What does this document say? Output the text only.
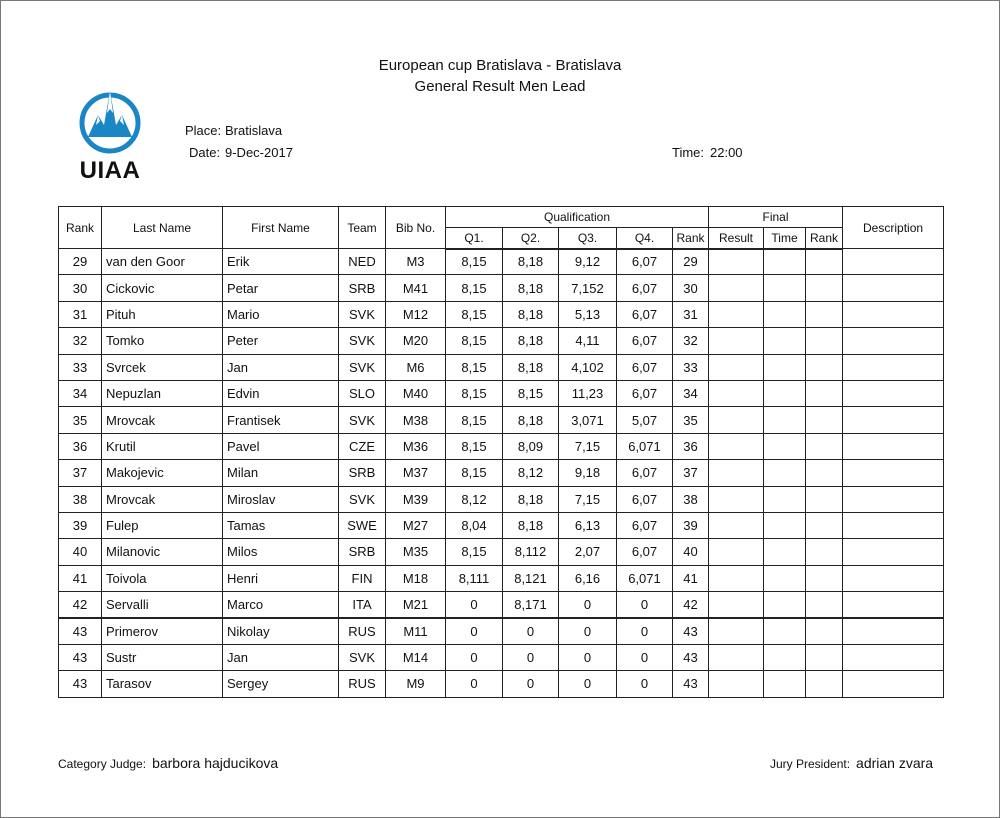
European cup Bratislava - Bratislava
General Result Men Lead
UIAA
Place: Bratislava
Date: 9-Dec-2017	Time: 22:00
Rank	Last Name	First Name	Team	Bib No.	Qualification					Final			Description
					Q1.	Q2.	Q3.	Q4.	Rank	Result	Time	Rank	
29	van den Goor	Erik	NED	M3	8,15	8,18	9,12	6,07	29				
30	Cickovic	Petar	SRB	M41	8,15	8,18	7,152	6,07	30				
31	Pituh	Mario	SVK	M12	8,15	8,18	5,13	6,07	31				
32	Tomko	Peter	SVK	M20	8,15	8,18	4,11	6,07	32				
33	Svrcek	Jan	SVK	M6	8,15	8,18	4,102	6,07	33				
34	Nepuzlan	Edvin	SLO	M40	8,15	8,15	11,23	6,07	34				
35	Mrovcak	Frantisek	SVK	M38	8,15	8,18	3,071	5,07	35				
36	Krutil	Pavel	CZE	M36	8,15	8,09	7,15	6,071	36				
37	Makojevic	Milan	SRB	M37	8,15	8,12	9,18	6,07	37				
38	Mrovcak	Miroslav	SVK	M39	8,12	8,18	7,15	6,07	38				
39	Fulep	Tamas	SWE	M27	8,04	8,18	6,13	6,07	39				
40	Milanovic	Milos	SRB	M35	8,15	8,112	2,07	6,07	40				
41	Toivola	Henri	FIN	M18	8,111	8,121	6,16	6,071	41				
42	Servalli	Marco	ITA	M21	0	8,171	0	0	42				
43	Primerov	Nikolay	RUS	M11	0	0	0	0	43				
43	Sustr	Jan	SVK	M14	0	0	0	0	43				
43	Tarasov	Sergey	RUS	M9	0	0	0	0	43				
Category Judge: barbora hajducikova	Jury President: adrian zvara
